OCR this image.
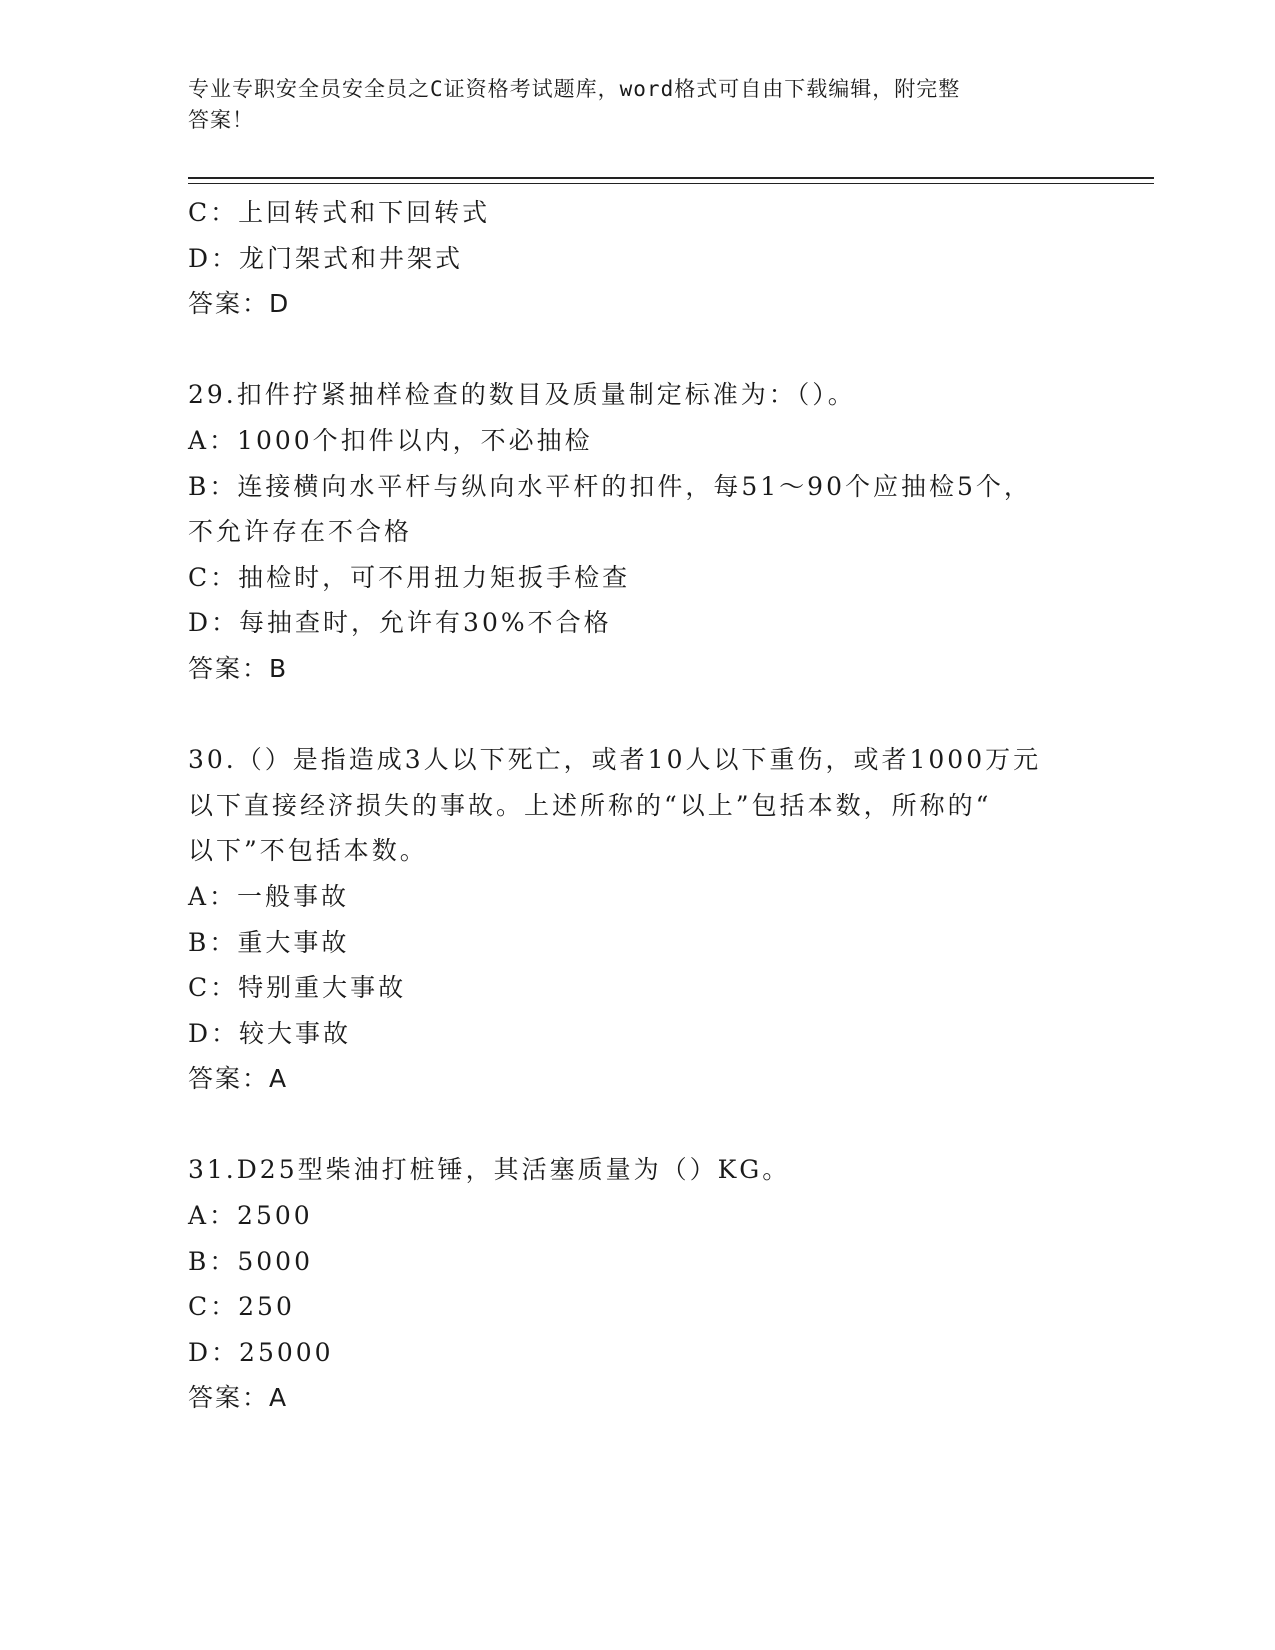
专业专职安全员安全员之C证资格考试题库，word格式可自由下载编辑，附完整
答案！
C：上回转式和下回转式
D：龙门架式和井架式
答案：D
29.扣件拧紧抽样检查的数目及质量制定标准为：（）。
A：1000个扣件以内，不必抽检
B：连接横向水平杆与纵向水平杆的扣件，每51～90个应抽检5个，
不允许存在不合格
C：抽检时，可不用扭力矩扳手检查
D：每抽查时，允许有30%不合格
答案：B
30.（）是指造成3人以下死亡，或者10人以下重伤，或者1000万元
以下直接经济损失的事故。上述所称的“以上”包括本数，所称的“
以下”不包括本数。
A：一般事故
B：重大事故
C：特别重大事故
D：较大事故
答案：A
31.D25型柴油打桩锤，其活塞质量为（）KG。
A：2500
B：5000
C：250
D：25000
答案：A
